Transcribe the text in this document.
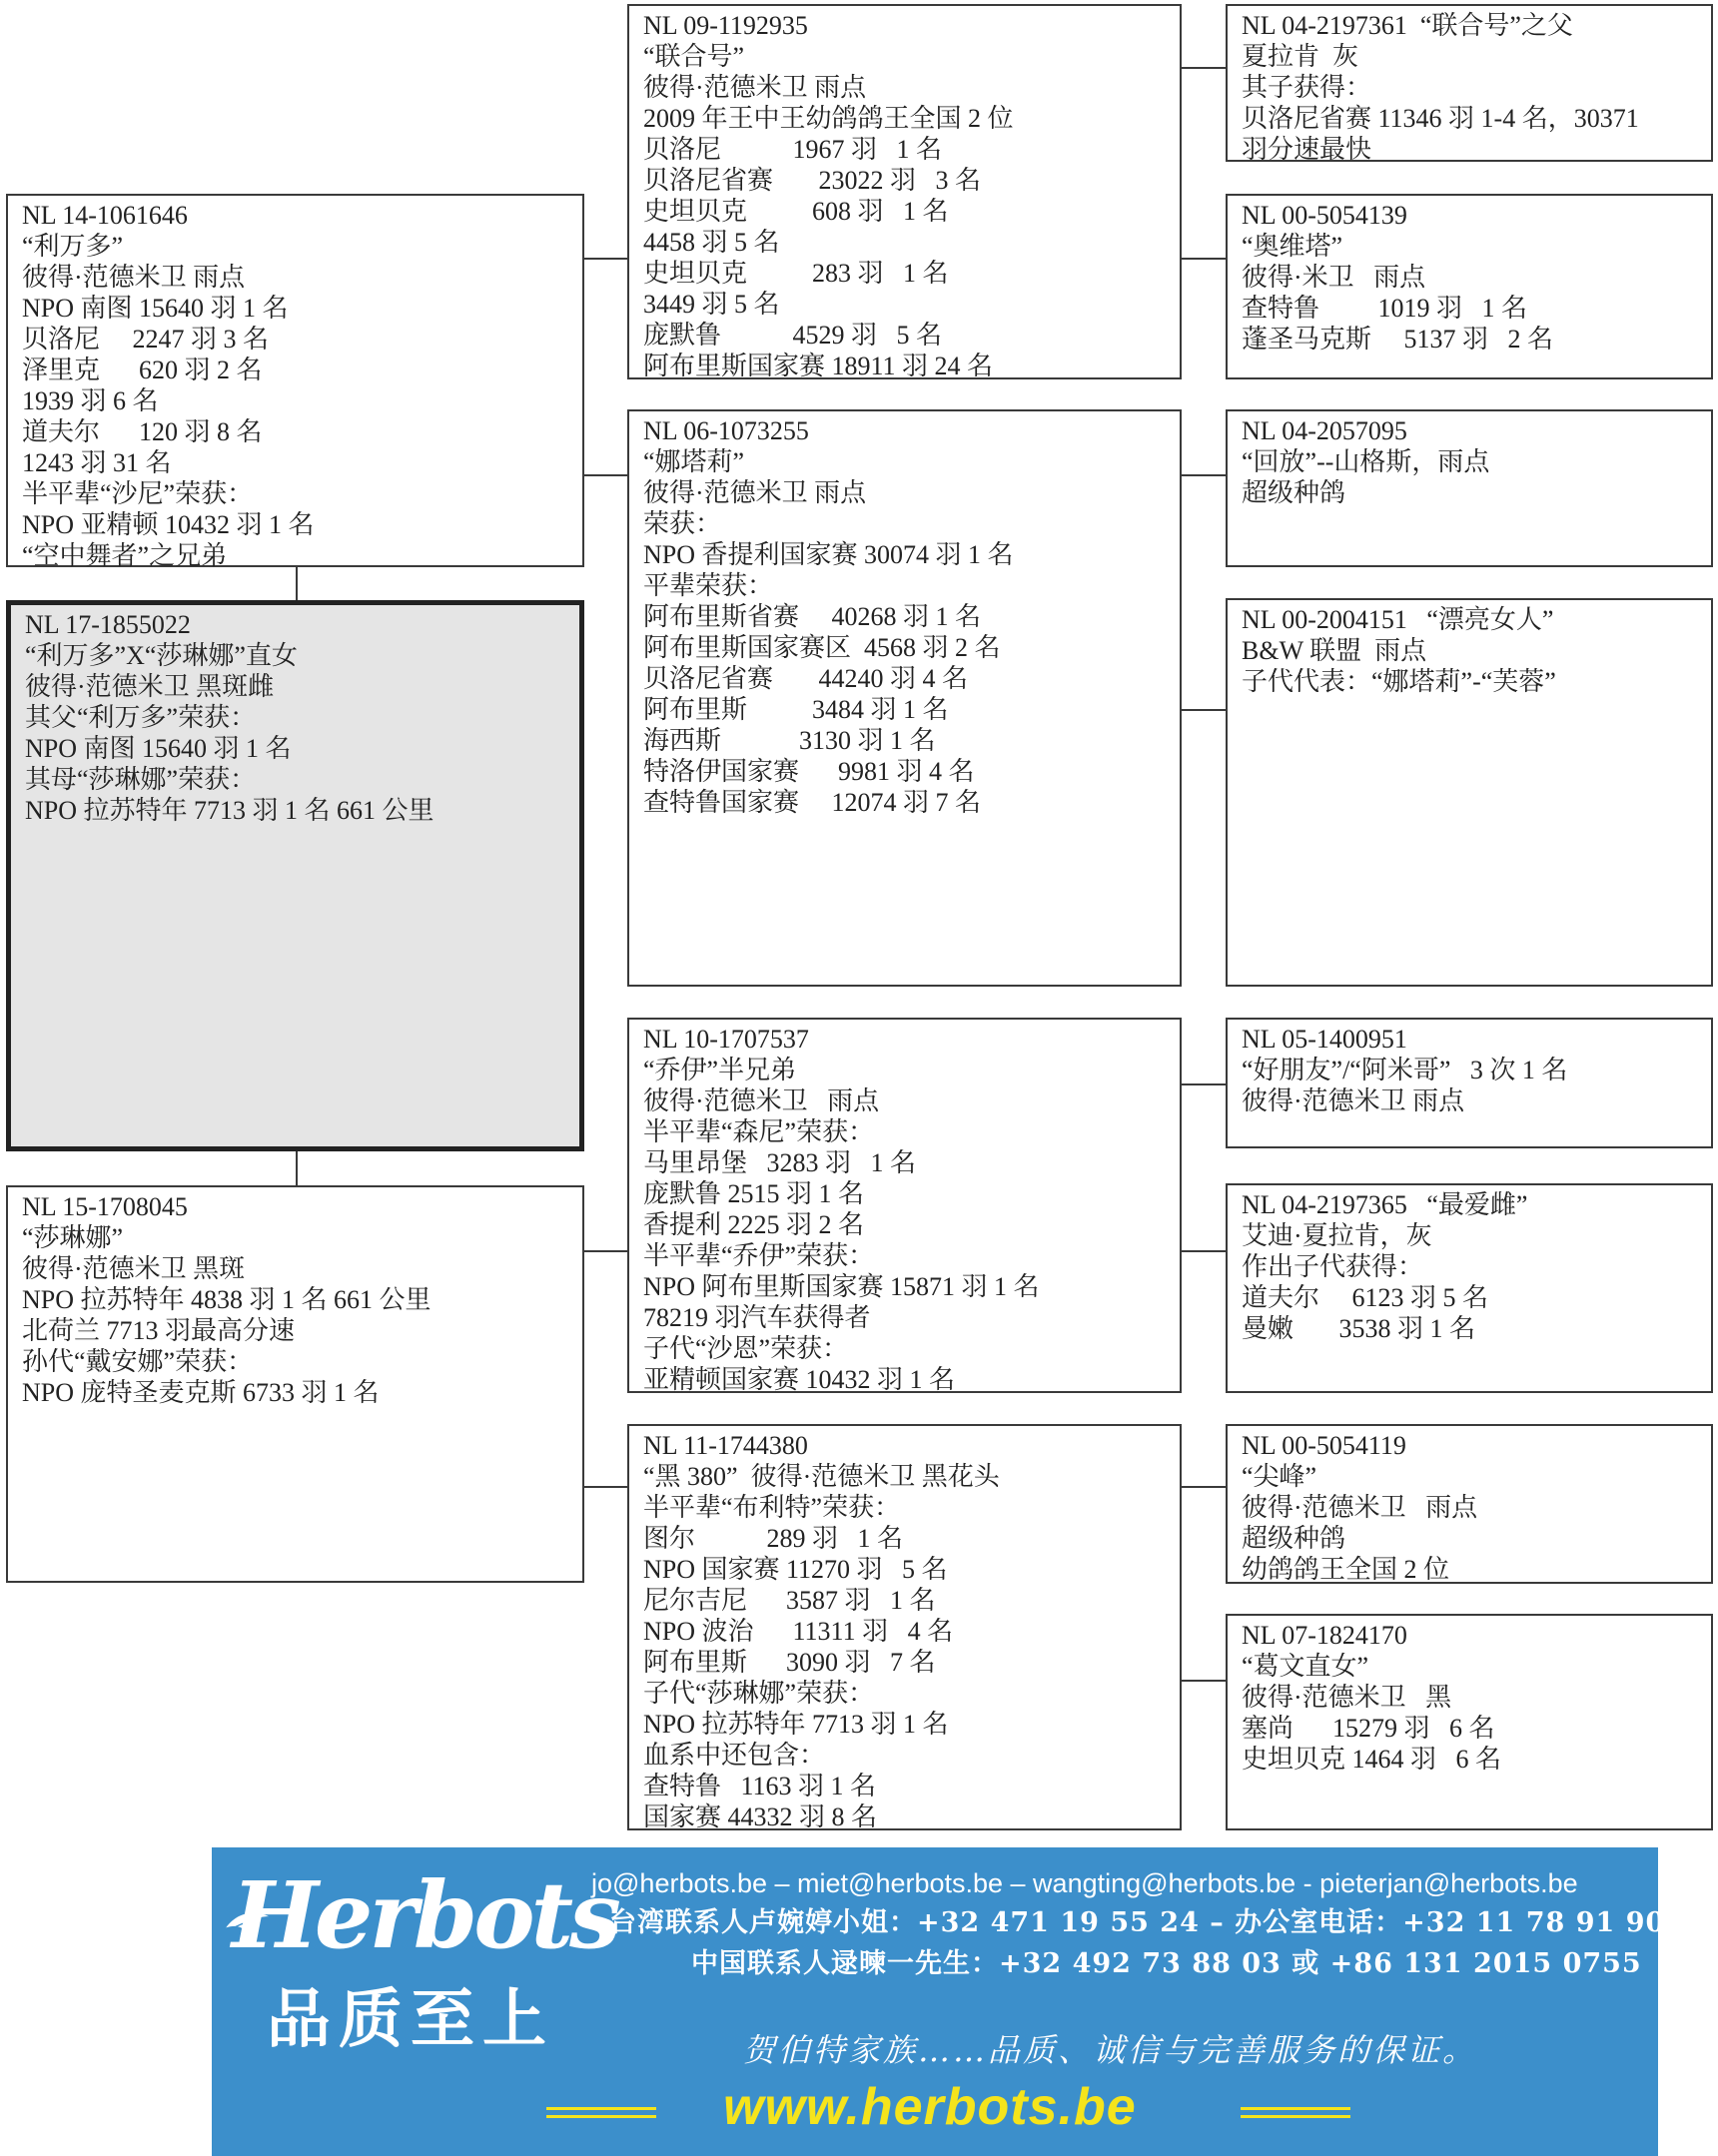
NL 14-1061646
“利万多”
彼得·范德米卫 雨点
NPO 南图 15640 羽 1 名
贝洛尼     2247 羽 3 名
泽里克      620 羽 2 名
1939 羽 6 名
道夫尔      120 羽 8 名
1243 羽 31 名
半平辈“沙尼”荣获：
NPO 亚精顿 10432 羽 1 名
“空中舞者”之兄弟
NL 17-1855022
“利万多”X“莎琳娜”直女
彼得·范德米卫 黑斑雌
其父“利万多”荣获：
NPO 南图 15640 羽 1 名
其母“莎琳娜”荣获：
NPO 拉苏特年 7713 羽 1 名 661 公里
NL 15-1708045
“莎琳娜”
彼得·范德米卫 黑斑
NPO 拉苏特年 4838 羽 1 名 661 公里
北荷兰 7713 羽最高分速
孙代“戴安娜”荣获：
NPO 庞特圣麦克斯 6733 羽 1 名
NL 09-1192935
“联合号”
彼得·范德米卫 雨点
2009 年王中王幼鸽鸽王全国 2 位
贝洛尼           1967 羽   1 名
贝洛尼省赛       23022 羽   3 名
史坦贝克          608 羽   1 名
4458 羽 5 名
史坦贝克          283 羽   1 名
3449 羽 5 名
庞默鲁           4529 羽   5 名
阿布里斯国家赛 18911 羽 24 名
NL 06-1073255
“娜塔莉”
彼得·范德米卫 雨点
荣获：
NPO 香提利国家赛 30074 羽 1 名
平辈荣获：
阿布里斯省赛     40268 羽 1 名
阿布里斯国家赛区  4568 羽 2 名
贝洛尼省赛       44240 羽 4 名
阿布里斯          3484 羽 1 名
海西斯            3130 羽 1 名
特洛伊国家赛      9981 羽 4 名
查特鲁国家赛     12074 羽 7 名
NL 10-1707537
“乔伊”半兄弟
彼得·范德米卫   雨点
半平辈“森尼”荣获：
马里昂堡   3283 羽   1 名
庞默鲁 2515 羽 1 名
香提利 2225 羽 2 名
半平辈“乔伊”荣获：
NPO 阿布里斯国家赛 15871 羽 1 名
78219 羽汽车获得者
子代“沙恩”荣获：
亚精顿国家赛 10432 羽 1 名
NL 11-1744380
“黑 380”  彼得·范德米卫 黑花头
半平辈“布利特”荣获：
图尔           289 羽   1 名
NPO 国家赛 11270 羽   5 名
尼尔吉尼      3587 羽   1 名
NPO 波治      11311 羽   4 名
阿布里斯      3090 羽   7 名
子代“莎琳娜”荣获：
NPO 拉苏特年 7713 羽 1 名
血系中还包含：
查特鲁   1163 羽 1 名
国家赛 44332 羽 8 名
NL 04-2197361  “联合号”之父
夏拉肯  灰
其子获得：
贝洛尼省赛 11346 羽 1-4 名，30371
羽分速最快
NL 00-5054139
“奥维塔”
彼得·米卫   雨点
查特鲁         1019 羽   1 名
蓬圣马克斯     5137 羽   2 名
NL 04-2057095
“回放”--山格斯，雨点
超级种鸽
NL 00-2004151   “漂亮女人”
B&W 联盟  雨点
子代代表：“娜塔莉”-“芙蓉”
NL 05-1400951
“好朋友”/“阿米哥”   3 次 1 名
彼得·范德米卫 雨点
NL 04-2197365   “最爱雌”
艾迪·夏拉肯，灰
作出子代获得：
道夫尔     6123 羽 5 名
曼嫩       3538 羽 1 名
NL 00-5054119
“尖峰”
彼得·范德米卫   雨点
超级种鸽
幼鸽鸽王全国 2 位
NL 07-1824170
“葛文直女”
彼得·范德米卫   黑
塞尚      15279 羽   6 名
史坦贝克 1464 羽   6 名
Herbots
品质至上
jo@herbots.be – miet@herbots.be – wangting@herbots.be - pieterjan@herbots.be
台湾联系人卢婉婷小姐：+32 471 19 55 24 – 办公室电话：+32 11 78 91 90
中国联系人逯暕一先生：+32 492 73 88 03 或 +86 131 2015 0755
贺伯特家族……品质、诚信与完善服务的保证。
www.herbots.be
